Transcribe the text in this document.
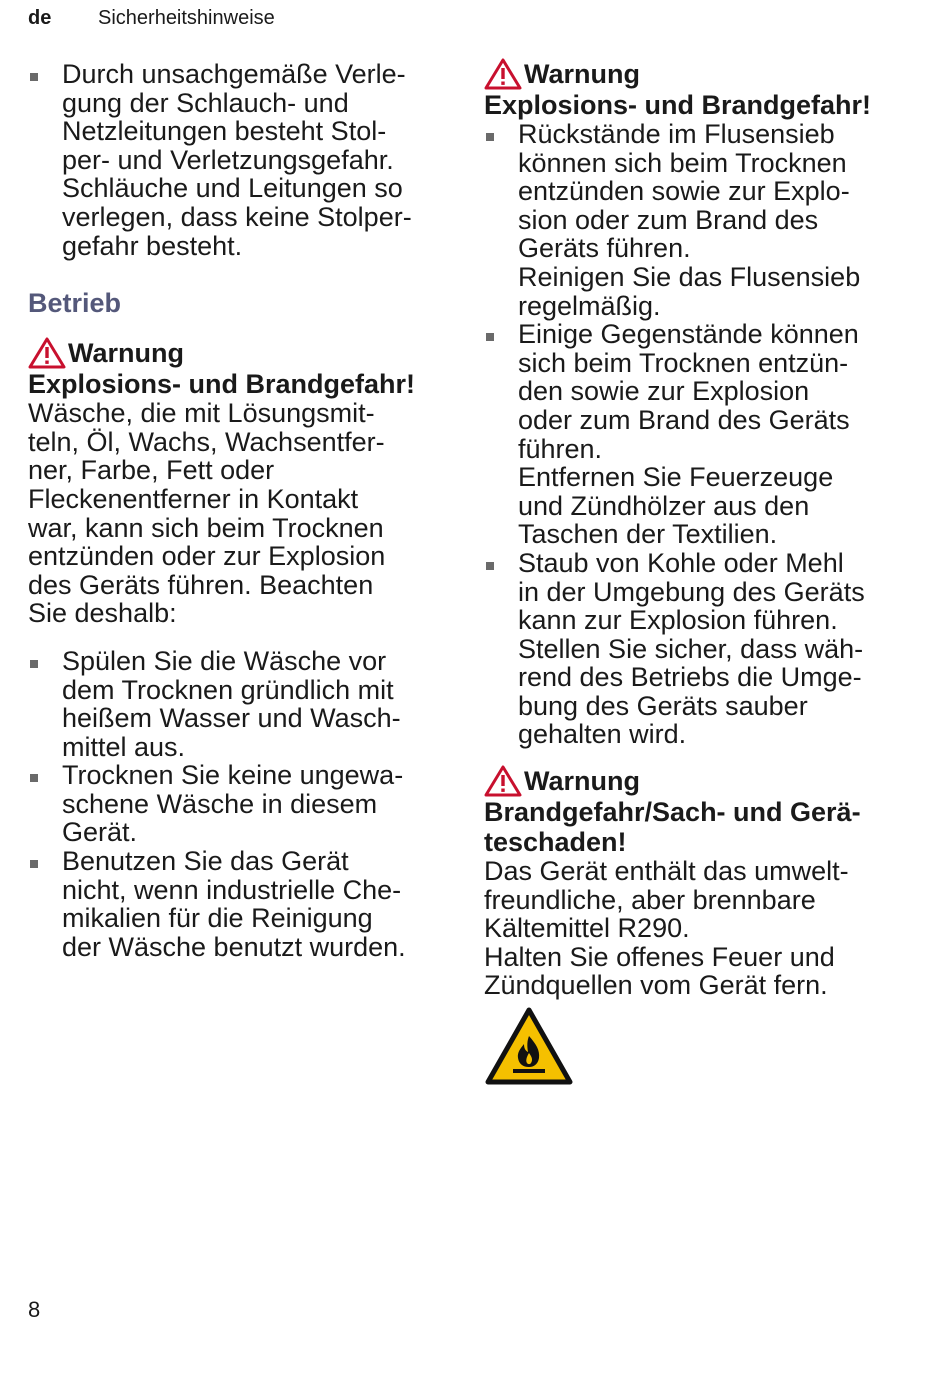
de Sicherheitshinweise
Durch unsachgemäße Verle-
gung der Schlauch- und
Netzleitungen besteht Stol-
per- und Verletzungsgefahr.
Schläuche und Leitungen so
verlegen, dass keine Stolper-
gefahr besteht.
Betrieb
Warnung
Explosions- und Brandgefahr!
Wäsche, die mit Lösungsmit-
teln, Öl, Wachs, Wachsentfer-
ner, Farbe, Fett oder
Fleckenentferner in Kontakt
war, kann sich beim Trocknen
entzünden oder zur Explosion
des Geräts führen. Beachten
Sie deshalb:
Spülen Sie die Wäsche vor
dem Trocknen gründlich mit
heißem Wasser und Wasch-
mittel aus.
Trocknen Sie keine ungewa-
schene Wäsche in diesem
Gerät.
Benutzen Sie das Gerät
nicht, wenn industrielle Che-
mikalien für die Reinigung
der Wäsche benutzt wurden.
Warnung
Explosions- und Brandgefahr!
Rückstände im Flusensieb
können sich beim Trocknen
entzünden sowie zur Explo-
sion oder zum Brand des
Geräts führen.
Reinigen Sie das Flusensieb
regelmäßig.
Einige Gegenstände können
sich beim Trocknen entzün-
den sowie zur Explosion
oder zum Brand des Geräts
führen.
Entfernen Sie Feuerzeuge
und Zündhölzer aus den
Taschen der Textilien.
Staub von Kohle oder Mehl
in der Umgebung des Geräts
kann zur Explosion führen.
Stellen Sie sicher, dass wäh-
rend des Betriebs die Umge-
bung des Geräts sauber
gehalten wird.
Warnung
Brandgefahr/Sach- und Gerä-
teschaden!
Das Gerät enthält das umwelt-
freundliche, aber brennbare
Kältemittel R290.
Halten Sie offenes Feuer und
Zündquellen vom Gerät fern.
8
